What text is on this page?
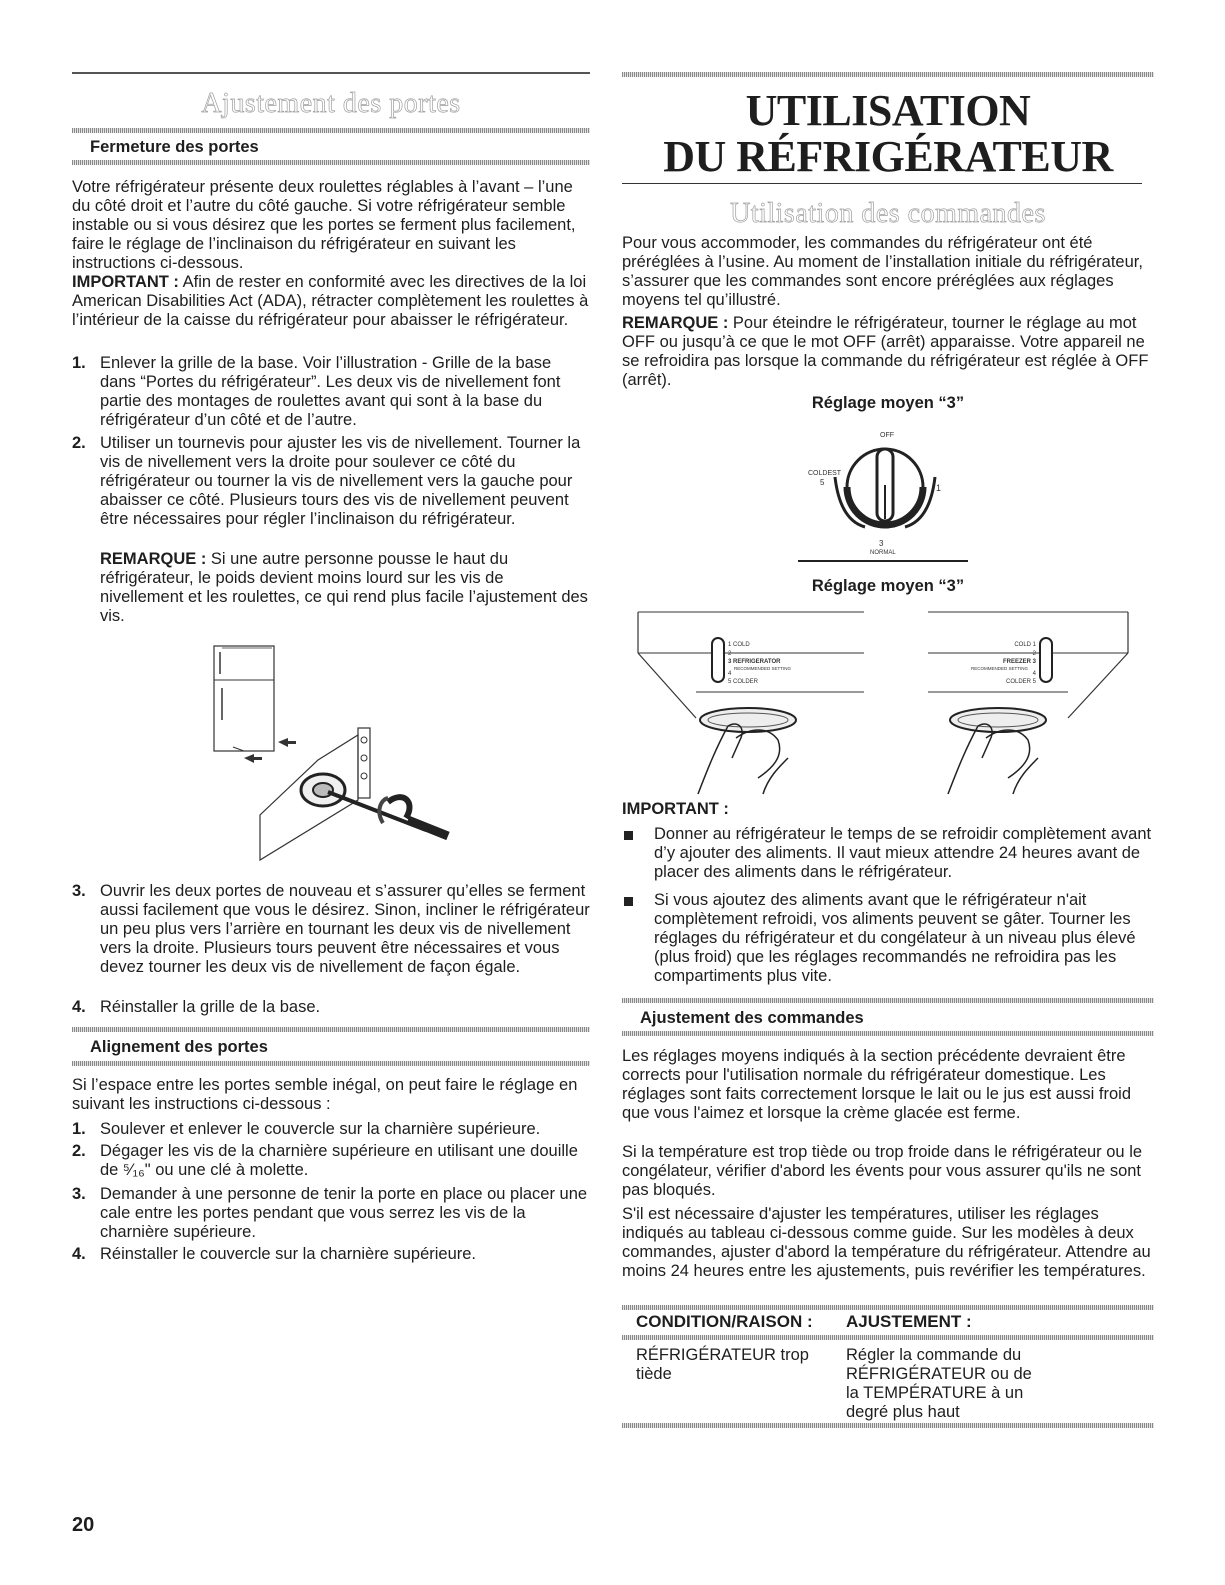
Ajustement des portes
Fermeture des portes

Votre réfrigérateur présente deux roulettes réglables à l’avant – l’une du côté droit et l’autre du côté gauche. Si votre réfrigérateur semble instable ou si vous désirez que les portes se ferment plus facilement, faire le réglage de l’inclinaison du réfrigérateur en suivant les instructions ci-dessous.

IMPORTANT : Afin de rester en conformité avec les directives de la loi American Disabilities Act (ADA), rétracter complètement les roulettes à l’intérieur de la caisse du réfrigérateur pour abaisser le réfrigérateur.

1. Enlever la grille de la base. Voir l’illustration - Grille de la base dans “Portes du réfrigérateur”. Les deux vis de nivellement font partie des montages de roulettes avant qui sont à la base du réfrigérateur d’un côté et de l’autre.
2. Utiliser un tournevis pour ajuster les vis de nivellement. Tourner la vis de nivellement vers la droite pour soulever ce côté du réfrigérateur ou tourner la vis de nivellement vers la gauche pour abaisser ce côté. Plusieurs tours des vis de nivellement peuvent être nécessaires pour régler l’inclinaison du réfrigérateur.

REMARQUE : Si une autre personne pousse le haut du réfrigérateur, le poids devient moins lourd sur les vis de nivellement et les roulettes, ce qui rend plus facile l’ajustement des vis.

3. Ouvrir les deux portes de nouveau et s’assurer qu’elles se ferment aussi facilement que vous le désirez. Sinon, incliner le réfrigérateur un peu plus vers l’arrière en tournant les deux vis de nivellement vers la droite. Plusieurs tours peuvent être nécessaires et vous devez tourner les deux vis de nivellement de façon égale.
4. Réinstaller la grille de la base.
Alignement des portes

Si l’espace entre les portes semble inégal, on peut faire le réglage en suivant les instructions ci-dessous :

1. Soulever et enlever le couvercle sur la charnière supérieure.
2. Dégager les vis de la charnière supérieure en utilisant une douille de ⁵⁄₁₆" ou une clé à molette.
3. Demander à une personne de tenir la porte en place ou placer une cale entre les portes pendant que vous serrez les vis de la charnière supérieure.
4. Réinstaller le couvercle sur la charnière supérieure.
UTILISATION
DU RÉFRIGÉRATEUR
Utilisation des commandes

Pour vous accommoder, les commandes du réfrigérateur ont été préréglées à l’usine. Au moment de l’installation initiale du réfrigérateur, s’assurer que les commandes sont encore préréglées aux réglages moyens tel qu’illustré.

REMARQUE : Pour éteindre le réfrigérateur, tourner le réglage au mot OFF ou jusqu’à ce que le mot OFF (arrêt) apparaisse. Votre appareil ne se refroidira pas lorsque la commande du réfrigérateur est réglée à OFF (arrêt).

Réglage moyen “3”
OFF
COLDEST
5
1
3
NORMAL
Réglage moyen “3”
1 COLD
2
3 REFRIGERATOR
RECOMMENDED SETTING
4
5 COLDER
COLD 1
2
FREEZER 3
RECOMMENDED SETTING
4
COLDER 5
IMPORTANT :
Donner au réfrigérateur le temps de se refroidir complètement avant d’y ajouter des aliments. Il vaut mieux attendre 24 heures avant de placer des aliments dans le réfrigérateur.
Si vous ajoutez des aliments avant que le réfrigérateur n'ait complètement refroidi, vos aliments peuvent se gâter. Tourner les réglages du réfrigérateur et du congélateur à un niveau plus élevé (plus froid) que les réglages recommandés ne refroidira pas les compartiments plus vite.
Ajustement des commandes

Les réglages moyens indiqués à la section précédente devraient être corrects pour l'utilisation normale du réfrigérateur domestique. Les réglages sont faits correctement lorsque le lait ou le jus est aussi froid que vous l'aimez et lorsque la crème glacée est ferme.

Si la température est trop tiède ou trop froide dans le réfrigérateur ou le congélateur, vérifier d'abord les évents pour vous assurer qu'ils ne sont pas bloqués.

S'il est nécessaire d'ajuster les températures, utiliser les réglages indiqués au tableau ci-dessous comme guide. Sur les modèles à deux commandes, ajuster d'abord la température du réfrigérateur. Attendre au moins 24 heures entre les ajustements, puis revérifier les températures.

CONDITION/RAISON : AJUSTEMENT :
RÉFRIGÉRATEUR trop tiède
Régler la commande du RÉFRIGÉRATEUR ou de la TEMPÉRATURE à un degré plus haut
20
